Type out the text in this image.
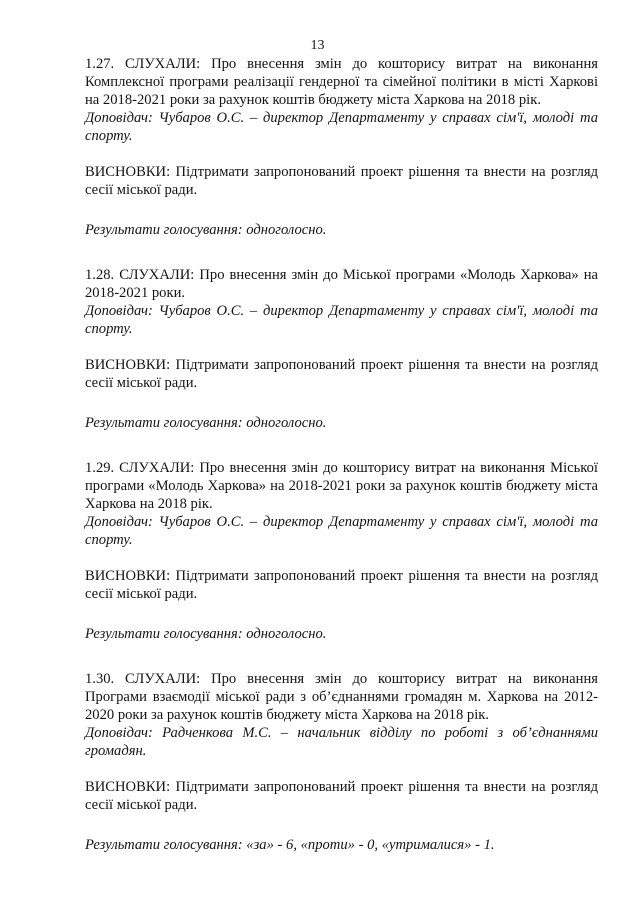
13

1.27. СЛУХАЛИ: Про внесення змін до кошторису витрат на виконання Комплексної програми реалізації гендерної та сімейної політики в місті Харкові на 2018-2021 роки за рахунок коштів бюджету міста Харкова на 2018 рік.

Доповідач: Чубаров О.С. – директор Департаменту у справах сім'ї, молоді та спорту.

ВИСНОВКИ: Підтримати запропонований проект рішення та внести на розгляд сесії міської ради.

Результати голосування: одноголосно.

1.28. СЛУХАЛИ: Про внесення змін до Міської програми «Молодь Харкова» на 2018-2021 роки.

Доповідач: Чубаров О.С. – директор Департаменту у справах сім'ї, молоді та спорту.

ВИСНОВКИ: Підтримати запропонований проект рішення та внести на розгляд сесії міської ради.

Результати голосування: одноголосно.

1.29. СЛУХАЛИ: Про внесення змін до кошторису витрат на виконання Міської програми «Молодь Харкова» на 2018-2021 роки за рахунок коштів бюджету міста Харкова на 2018 рік.

Доповідач: Чубаров О.С. – директор Департаменту у справах сім'ї, молоді та спорту.

ВИСНОВКИ: Підтримати запропонований проект рішення та внести на розгляд сесії міської ради.

Результати голосування: одноголосно.

1.30. СЛУХАЛИ: Про внесення змін до кошторису витрат на виконання Програми взаємодії міської ради з об’єднаннями громадян м. Харкова на 2012-2020 роки за рахунок коштів бюджету міста Харкова на 2018 рік.

Доповідач: Радченкова М.С. – начальник відділу по роботі з об’єднаннями громадян.

ВИСНОВКИ: Підтримати запропонований проект рішення та внести на розгляд сесії міської ради.

Результати голосування: «за» - 6, «проти» - 0, «утрималися» - 1.
